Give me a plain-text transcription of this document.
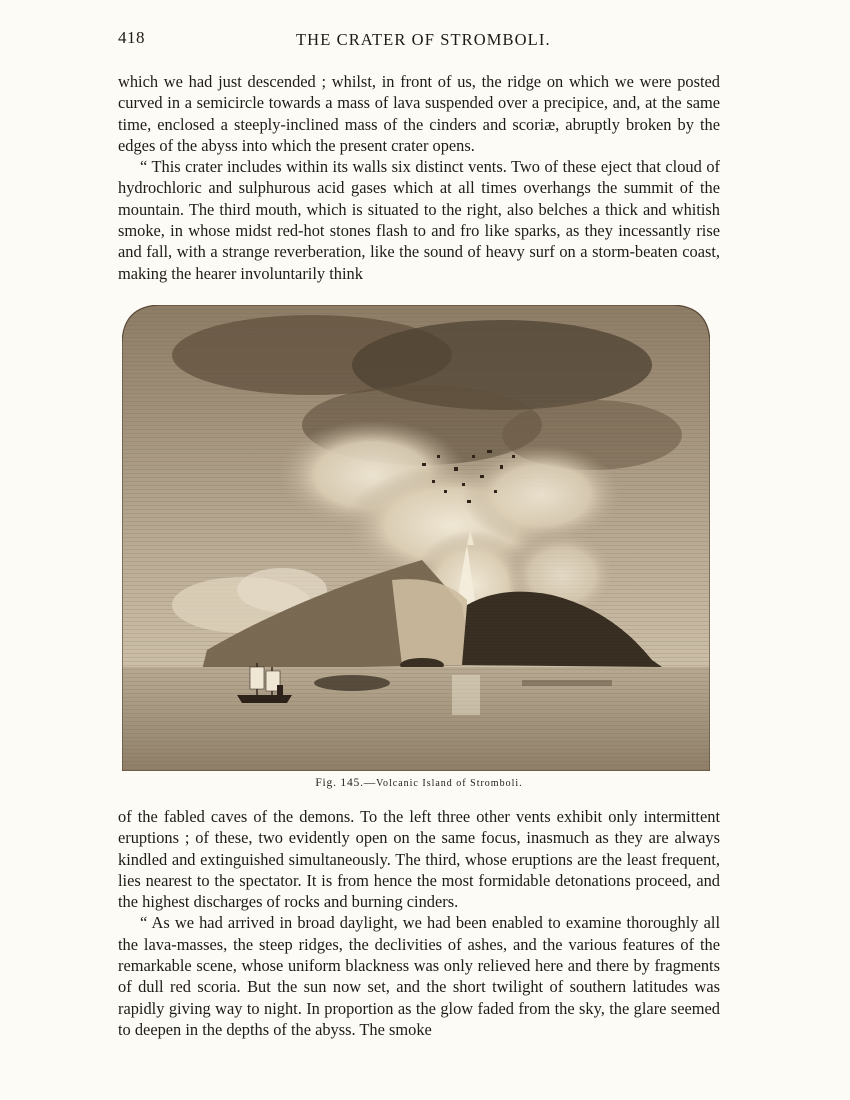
418	THE CRATER OF STROMBOLI.

which we had just descended ; whilst, in front of us, the ridge on which we were posted curved in a semicircle towards a mass of lava suspended over a precipice, and, at the same time, enclosed a steeply-inclined mass of the cinders and scoriæ, abruptly broken by the edges of the abyss into which the present crater opens.

“ This crater includes within its walls six distinct vents. Two of these eject that cloud of hydrochloric and sulphurous acid gases which at all times overhangs the summit of the mountain. The third mouth, which is situated to the right, also belches a thick and whitish smoke, in whose midst red-hot stones flash to and fro like sparks, as they incessantly rise and fall, with a strange reverberation, like the sound of heavy surf on a storm-beaten coast, making the hearer involuntarily think

Fig. 145.—Volcanic Island of Stromboli.

of the fabled caves of the demons. To the left three other vents exhibit only intermittent eruptions ; of these, two evidently open on the same focus, inasmuch as they are always kindled and extinguished simultaneously. The third, whose eruptions are the least frequent, lies nearest to the spectator. It is from hence the most formidable detonations proceed, and the highest discharges of rocks and burning cinders.

“ As we had arrived in broad daylight, we had been enabled to examine thoroughly all the lava-masses, the steep ridges, the declivities of ashes, and the various features of the remarkable scene, whose uniform blackness was only relieved here and there by fragments of dull red scoria. But the sun now set, and the short twilight of southern latitudes was rapidly giving way to night. In proportion as the glow faded from the sky, the glare seemed to deepen in the depths of the abyss. The smoke
